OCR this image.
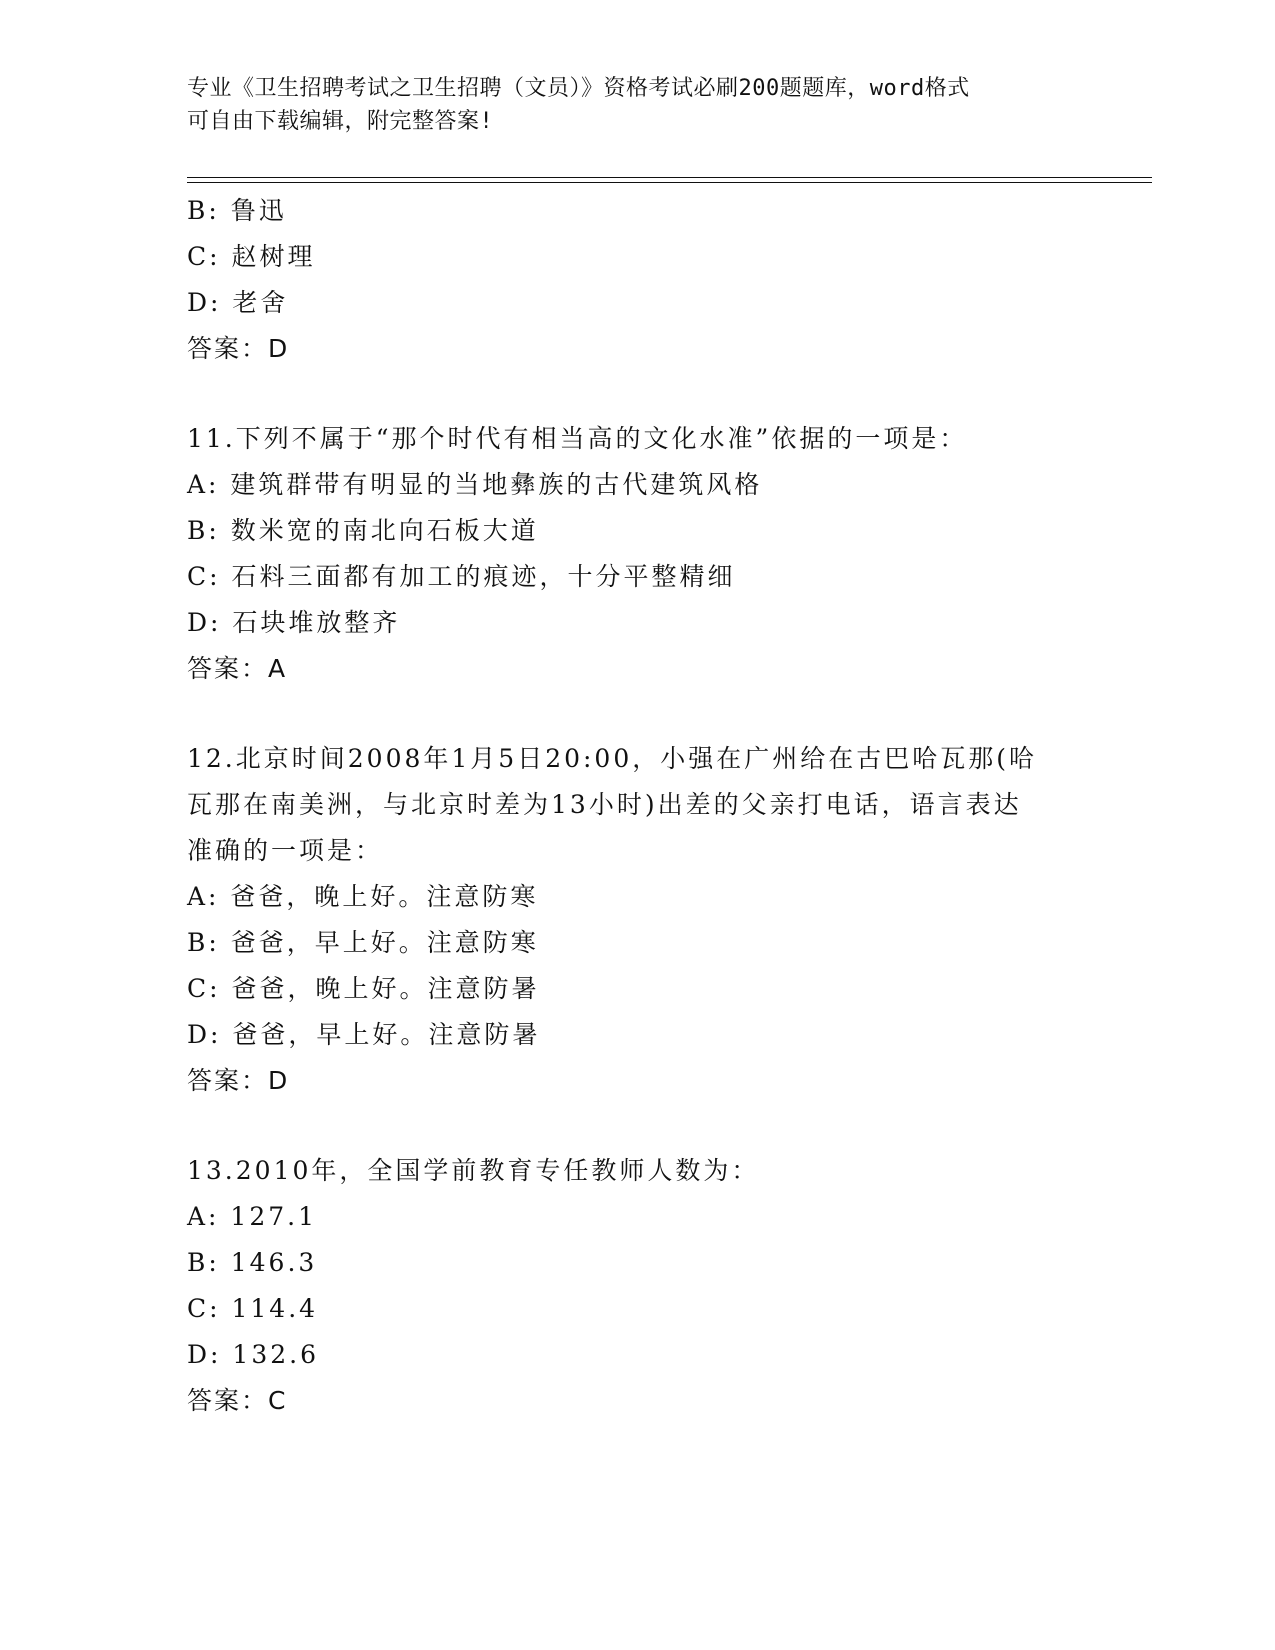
专业《卫生招聘考试之卫生招聘（文员）》资格考试必刷200题题库，word格式
可自由下载编辑，附完整答案!
B: 鲁迅
C: 赵树理
D: 老舍
答案：D
11.下列不属于“那个时代有相当高的文化水准”依据的一项是：
A: 建筑群带有明显的当地彝族的古代建筑风格
B: 数米宽的南北向石板大道
C: 石料三面都有加工的痕迹，十分平整精细
D: 石块堆放整齐
答案：A
12.北京时间2008年1月5日20:00，小强在广州给在古巴哈瓦那(哈
瓦那在南美洲，与北京时差为13小时)出差的父亲打电话，语言表达
准确的一项是：
A: 爸爸，晚上好。注意防寒
B: 爸爸，早上好。注意防寒
C: 爸爸，晚上好。注意防暑
D: 爸爸，早上好。注意防暑
答案：D
13.2010年，全国学前教育专任教师人数为：
A: 127.1
B: 146.3
C: 114.4
D: 132.6
答案：C
